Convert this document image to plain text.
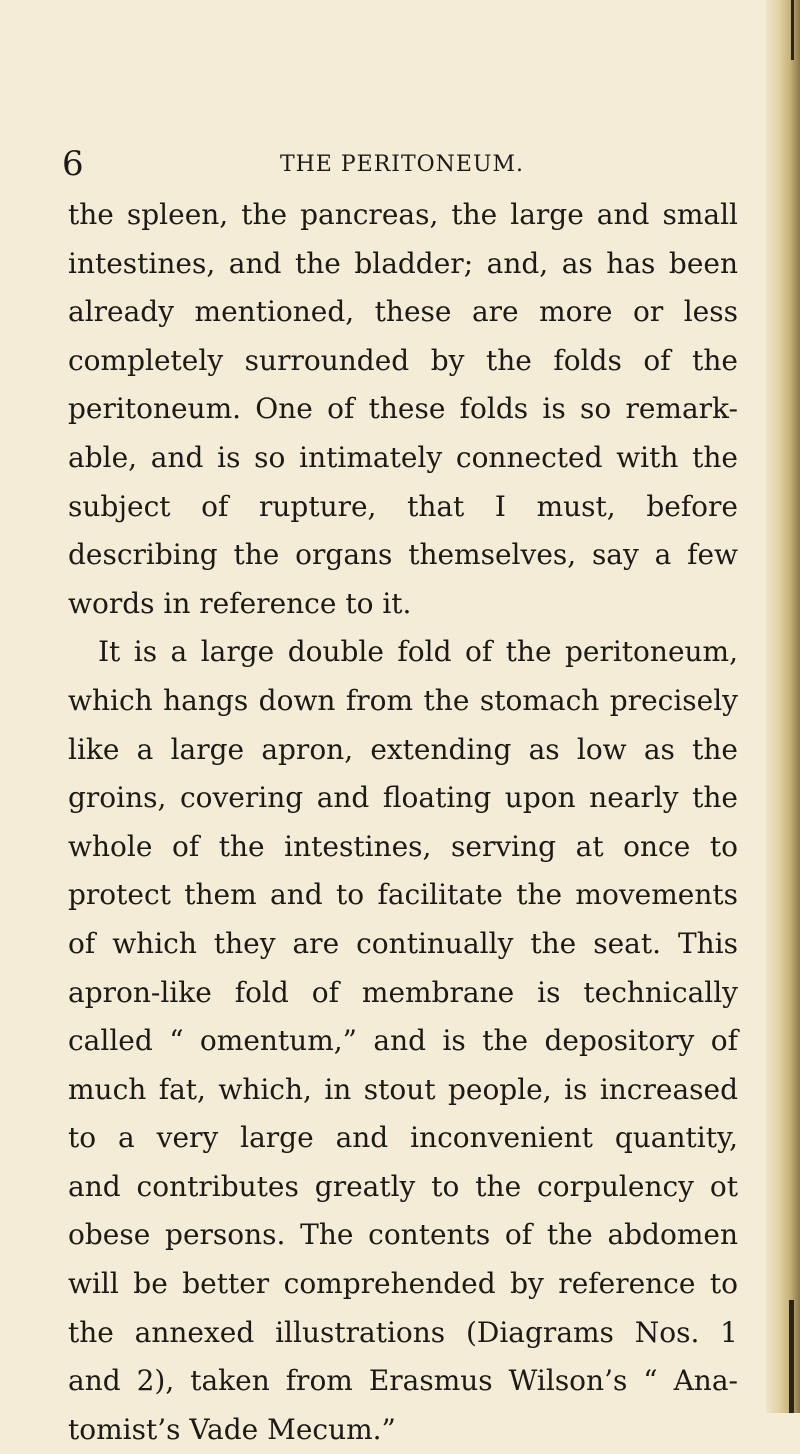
6	THE PERITONEUM.
the spleen, the pancreas, the large and small
intestines, and the bladder; and, as has been
already mentioned, these are more or less
completely surrounded by the folds of the
peritoneum. One of these folds is so remark-
able, and is so intimately connected with the
subject of rupture, that I must, before
describing the organs themselves, say a few
words in reference to it.
It is a large double fold of the peritoneum,
which hangs down from the stomach precisely
like a large apron, extending as low as the
groins, covering and floating upon nearly the
whole of the intestines, serving at once to
protect them and to facilitate the movements
of which they are continually the seat. This
apron-like fold of membrane is technically
called “ omentum,” and is the depository of
much fat, which, in stout people, is increased
to a very large and inconvenient quantity,
and contributes greatly to the corpulency ot
obese persons. The contents of the abdomen
will be better comprehended by reference to
the annexed illustrations (Diagrams Nos. 1
and 2), taken from Erasmus Wilson’s “ Ana-
tomist’s Vade Mecum.”
